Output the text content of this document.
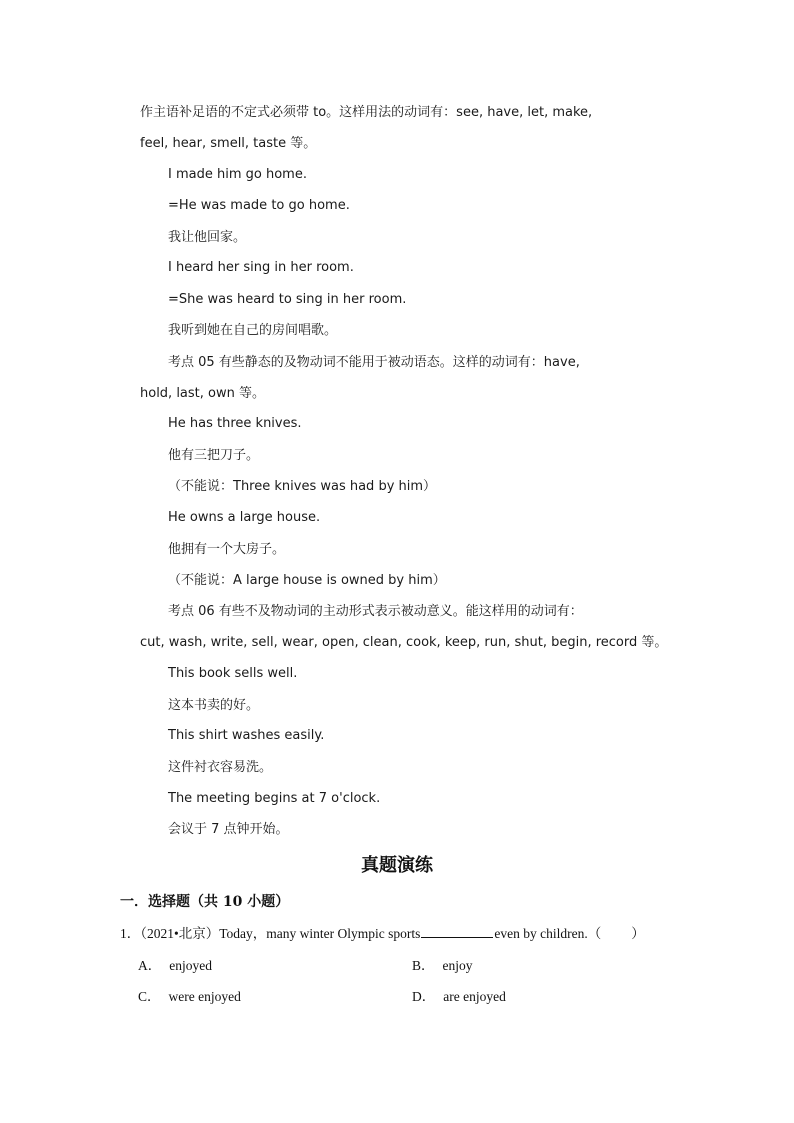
作主语补足语的不定式必须带 to。这样用法的动词有：see, have, let, make,
feel, hear, smell, taste 等。
I made him go home.
=He was made to go home.
我让他回家。
I heard her sing in her room.
=She was heard to sing in her room.
我听到她在自己的房间唱歌。
考点 05 有些静态的及物动词不能用于被动语态。这样的动词有：have,
hold, last, own 等。
He has three knives.
他有三把刀子。
（不能说：Three knives was had by him）
He owns a large house.
他拥有一个大房子。
（不能说：A large house is owned by him）
考点 06 有些不及物动词的主动形式表示被动意义。能这样用的动词有：
cut, wash, write, sell, wear, open, clean, cook, keep, run, shut, begin, record 等。
This book sells well.
这本书卖的好。
This shirt washes easily.
这件衬衣容易洗。
The meeting begins at 7 o'clock.
会议于 7 点钟开始。
真题演练
一．选择题（共 10 小题）
1．（2021•北京）Today，many winter Olympic sports	even by children.（ ）
A． enjoyed	B． enjoy
C． were enjoyed	D． are enjoyed
